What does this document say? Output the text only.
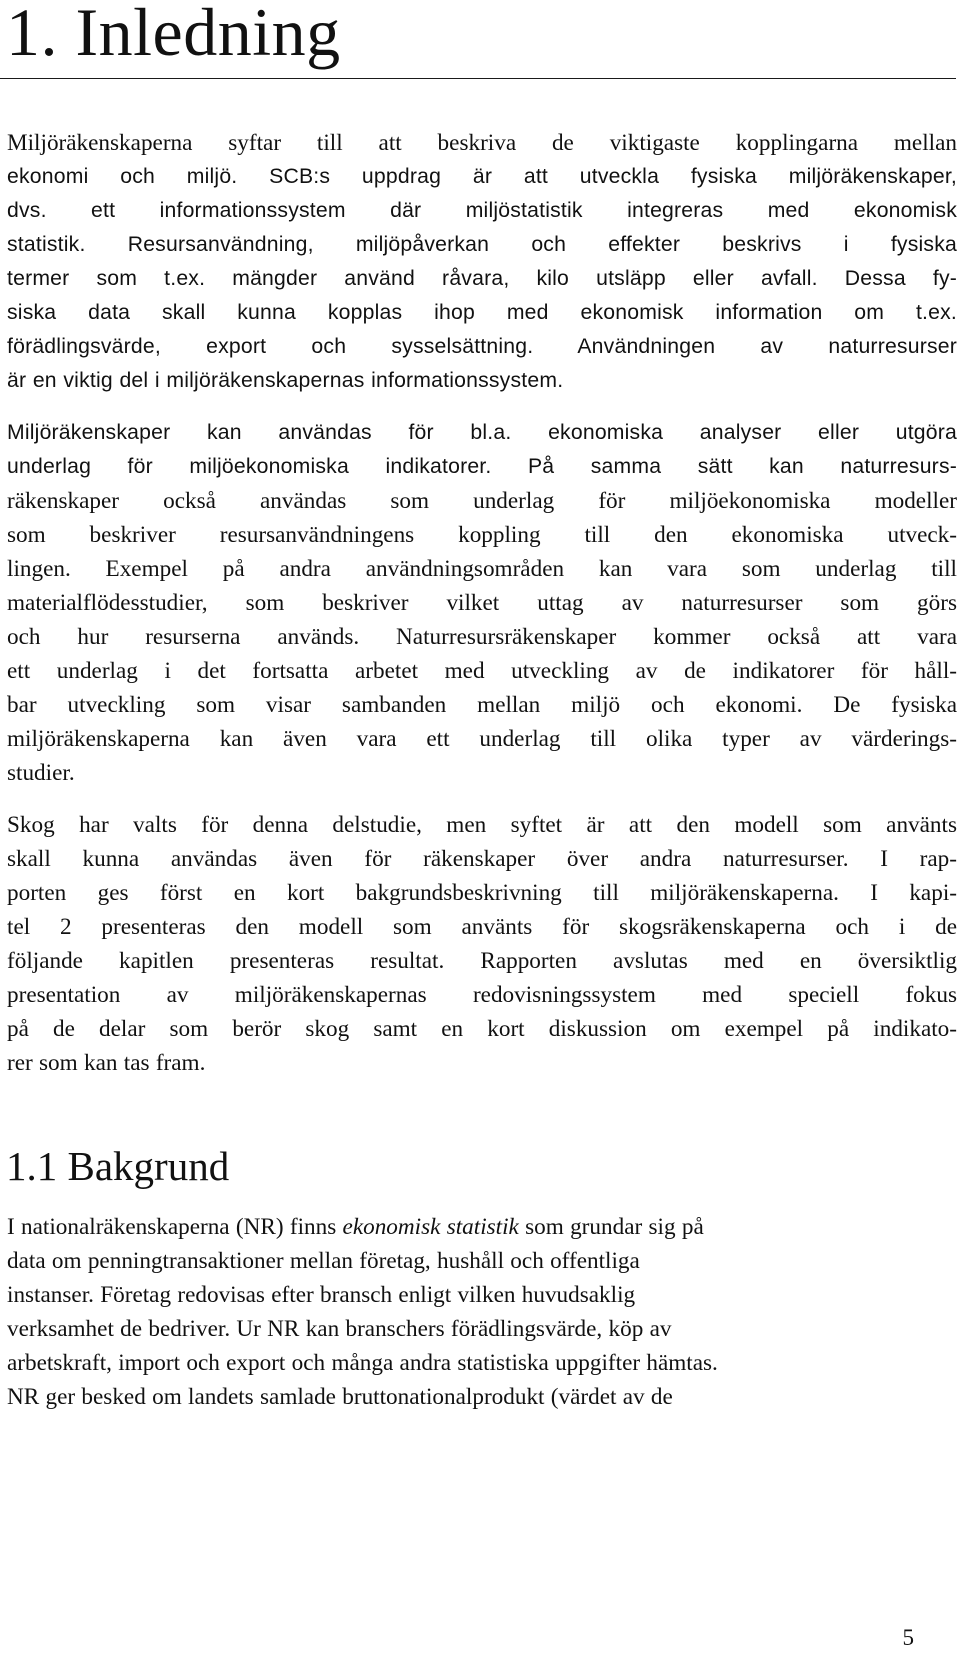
1. Inledning

Miljöräkenskaperna syftar till att beskriva de viktigaste kopplingarna mellan
ekonomi och miljö. SCB:s uppdrag är att utveckla fysiska miljöräkenskaper,
dvs. ett informationssystem där miljöstatistik integreras med ekonomisk
statistik. Resursanvändning, miljöpåverkan och effekter beskrivs i fysiska
termer som t.ex. mängder använd råvara, kilo utsläpp eller avfall. Dessa fy-
siska data skall kunna kopplas ihop med ekonomisk information om t.ex.
förädlingsvärde, export och sysselsättning. Användningen av naturresurser
är en viktig del i miljöräkenskapernas informationssystem.

Miljöräkenskaper kan användas för bl.a. ekonomiska analyser eller utgöra
underlag för miljöekonomiska indikatorer. På samma sätt kan naturresurs-
räkenskaper också användas som underlag för miljöekonomiska modeller
som beskriver resursanvändningens koppling till den ekonomiska utveck-
lingen. Exempel på andra användningsområden kan vara som underlag till
materialflödesstudier, som beskriver vilket uttag av naturresurser som görs
och hur resurserna används. Naturresursräkenskaper kommer också att vara
ett underlag i det fortsatta arbetet med utveckling av de indikatorer för håll-
bar utveckling som visar sambanden mellan miljö och ekonomi. De fysiska
miljöräkenskaperna kan även vara ett underlag till olika typer av värderings-
studier.

Skog har valts för denna delstudie, men syftet är att den modell som använts
skall kunna användas även för räkenskaper över andra naturresurser. I rap-
porten ges först en kort bakgrundsbeskrivning till miljöräkenskaperna. I kapi-
tel 2 presenteras den modell som använts för skogsräkenskaperna och i de
följande kapitlen presenteras resultat. Rapporten avslutas med en översiktlig
presentation av miljöräkenskapernas redovisningssystem med speciell fokus
på de delar som berör skog samt en kort diskussion om exempel på indikato-
rer som kan tas fram.

1.1 Bakgrund

I nationalräkenskaperna (NR) finns ekonomisk statistik som grundar sig på
data om penningtransaktioner mellan företag, hushåll och offentliga
instanser. Företag redovisas efter bransch enligt vilken huvudsaklig
verksamhet de bedriver. Ur NR kan branschers förädlingsvärde, köp av
arbetskraft, import och export och många andra statistiska uppgifter hämtas.
NR ger besked om landets samlade bruttonationalprodukt (värdet av de

5
